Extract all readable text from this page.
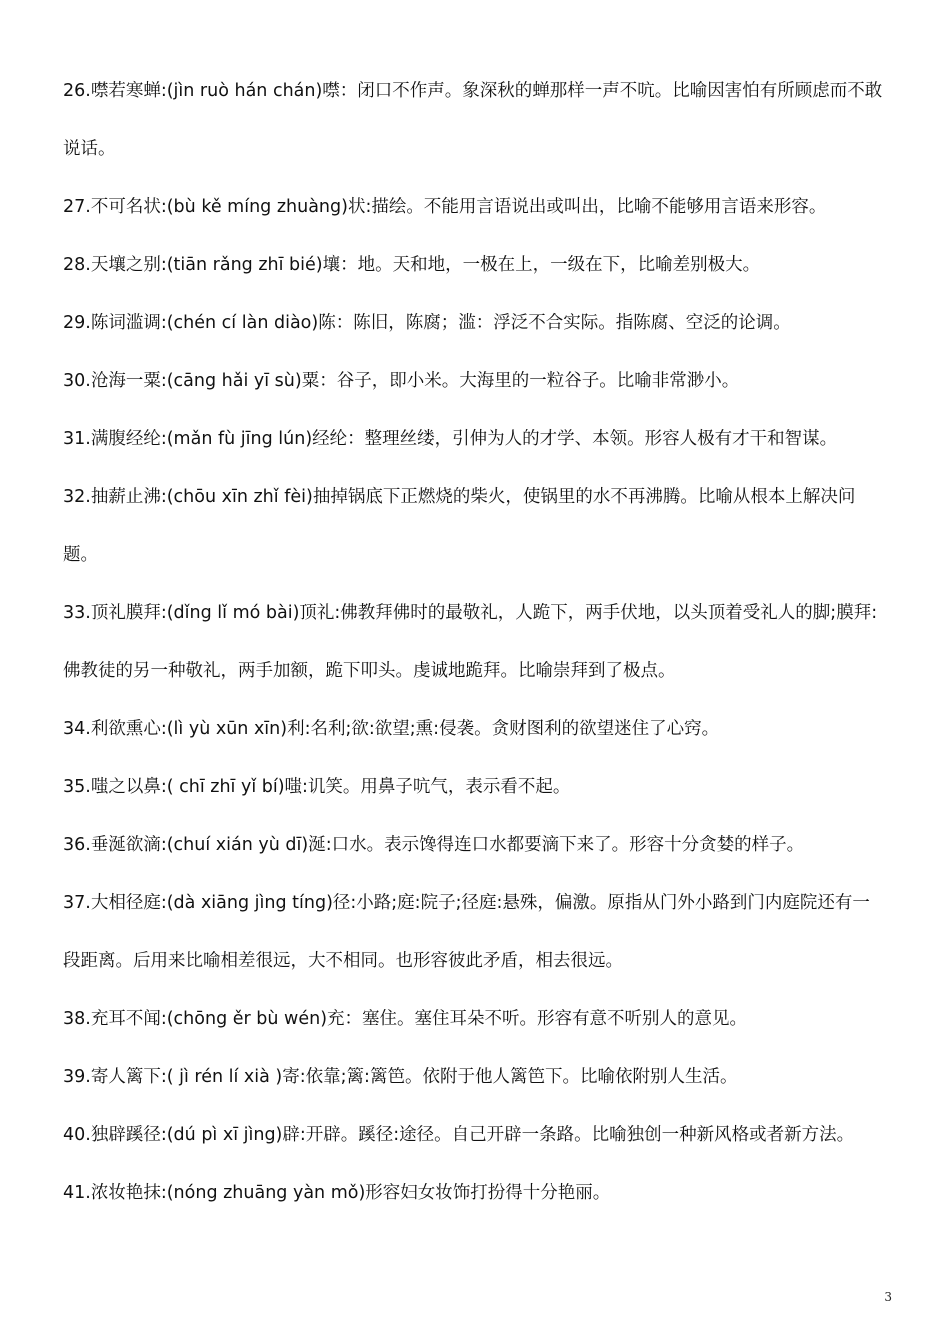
26.噤若寒蝉:(jìn ruò hán chán)噤：闭口不作声。象深秋的蝉那样一声不吭。比喻因害怕有所顾虑而不敢说话。

27.不可名状:(bù kě míng zhuàng)状:描绘。不能用言语说出或叫出，比喻不能够用言语来形容。

28.天壤之别:(tiān rǎng zhī bié)壤：地。天和地，一极在上，一级在下，比喻差别极大。

29.陈词滥调:(chén cí làn diào)陈：陈旧，陈腐；滥：浮泛不合实际。指陈腐、空泛的论调。

30.沧海一粟:(cāng hǎi yī sù)粟：谷子，即小米。大海里的一粒谷子。比喻非常渺小。

31.满腹经纶:(mǎn fù jīng lún)经纶：整理丝缕，引伸为人的才学、本领。形容人极有才干和智谋。

32.抽薪止沸:(chōu xīn zhǐ fèi)抽掉锅底下正燃烧的柴火，使锅里的水不再沸腾。比喻从根本上解决问题。

33.顶礼膜拜:(dǐng lǐ mó bài)顶礼:佛教拜佛时的最敬礼，人跪下，两手伏地，以头顶着受礼人的脚;膜拜:佛教徒的另一种敬礼，两手加额，跪下叩头。虔诚地跪拜。比喻崇拜到了极点。

34.利欲熏心:(lì yù xūn xīn)利:名利;欲:欲望;熏:侵袭。贪财图利的欲望迷住了心窍。

35.嗤之以鼻:( chī zhī yǐ bí)嗤:讥笑。用鼻子吭气，表示看不起。

36.垂涎欲滴:(chuí xián yù dī)涎:口水。表示馋得连口水都要滴下来了。形容十分贪婪的样子。

37.大相径庭:(dà xiāng jìng tíng)径:小路;庭:院子;径庭:悬殊，偏激。原指从门外小路到门内庭院还有一段距离。后用来比喻相差很远，大不相同。也形容彼此矛盾，相去很远。

38.充耳不闻:(chōng ěr bù wén)充：塞住。塞住耳朵不听。形容有意不听别人的意见。

39.寄人篱下:( jì rén lí xià )寄:依靠;篱:篱笆。依附于他人篱笆下。比喻依附别人生活。

40.独辟蹊径:(dú pì xī jìng)辟:开辟。蹊径:途径。自己开辟一条路。比喻独创一种新风格或者新方法。

41.浓妆艳抹:(nóng zhuāng yàn mǒ)形容妇女妆饰打扮得十分艳丽。

3
